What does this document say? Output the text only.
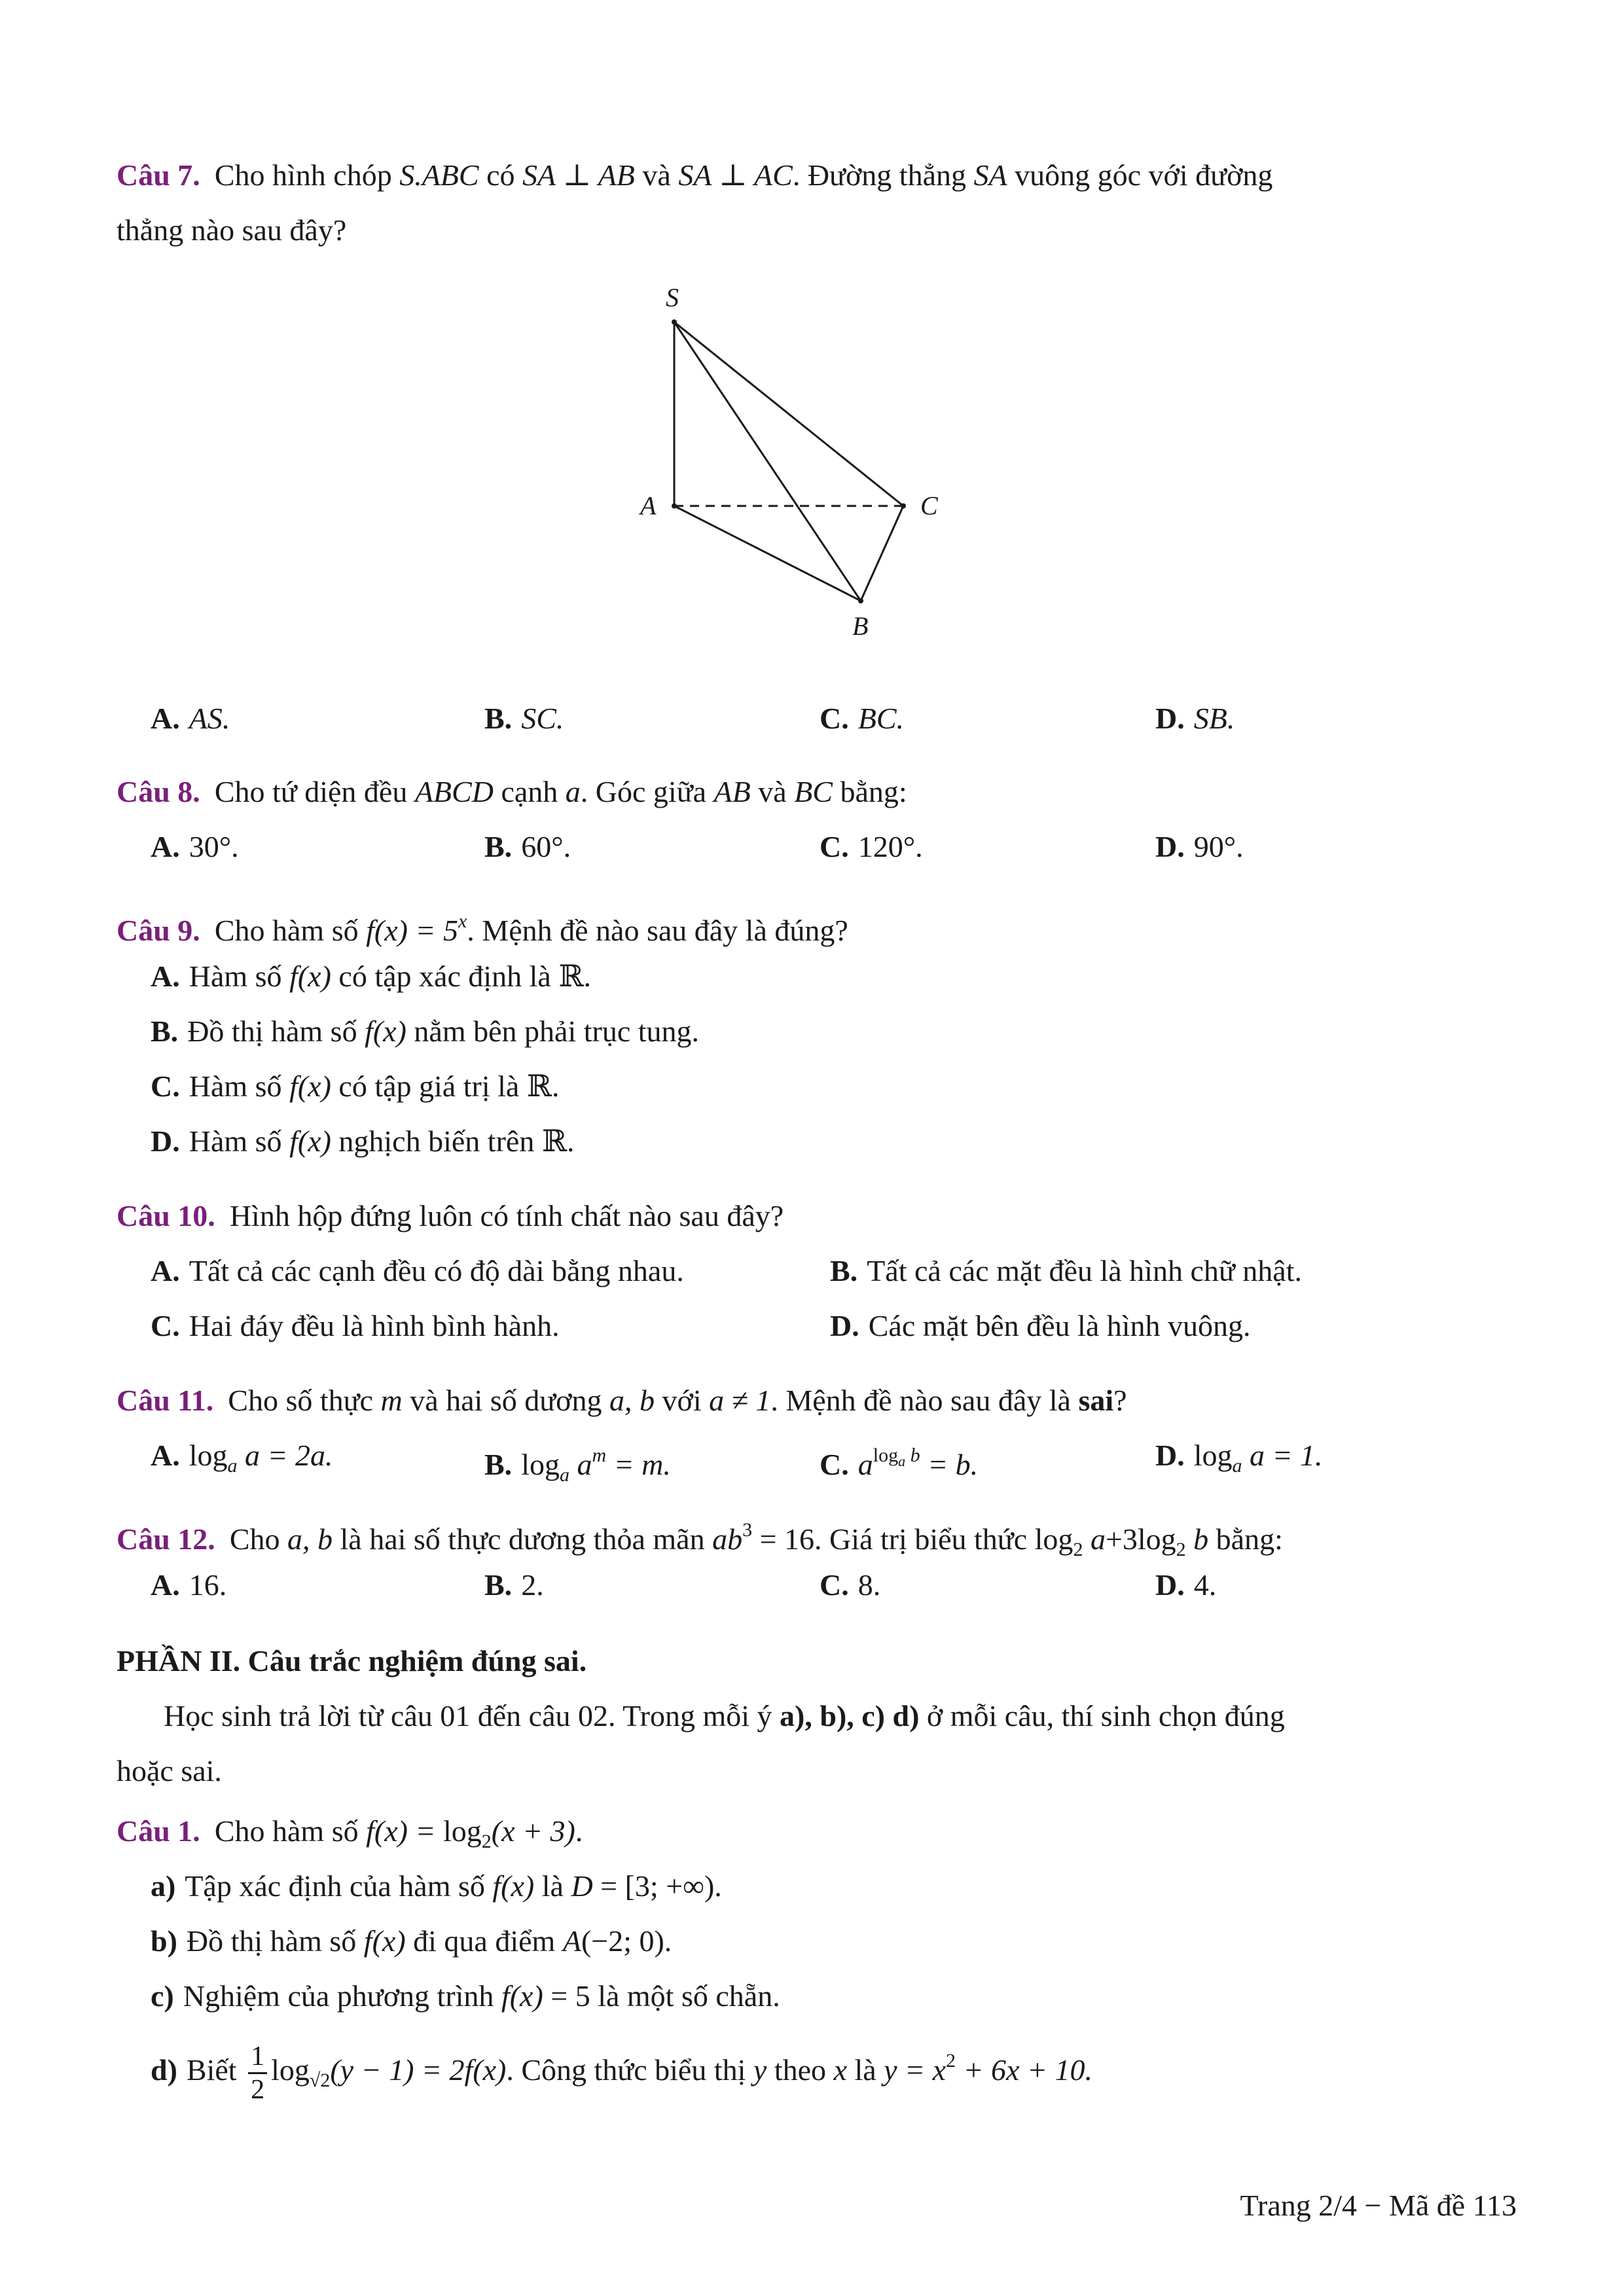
Câu 7. Cho hình chóp S.ABC có SA ⊥ AB và SA ⊥ AC. Đường thẳng SA vuông góc với đường
thẳng nào sau đây?
S
A
B
C
A. AS.	B. SC.	C. BC.	D. SB.
Câu 8. Cho tứ diện đều ABCD cạnh a. Góc giữa AB và BC bằng:
A. 30°.	B. 60°.	C. 120°.	D. 90°.
Câu 9. Cho hàm số $f(x) = 5^x$. Mệnh đề nào sau đây là đúng?
A. Hàm số f(x) có tập xác định là ℝ.
B. Đồ thị hàm số f(x) nằm bên phải trục tung.
C. Hàm số f(x) có tập giá trị là ℝ.
D. Hàm số f(x) nghịch biến trên ℝ.
Câu 10. Hình hộp đứng luôn có tính chất nào sau đây?
A. Tất cả các cạnh đều có độ dài bằng nhau.	B. Tất cả các mặt đều là hình chữ nhật.
C. Hai đáy đều là hình bình hành.	D. Các mặt bên đều là hình vuông.
Câu 11. Cho số thực m và hai số dương a, b với a ≠ 1. Mệnh đề nào sau đây là sai?
A. $\log_a a = 2a$.	B. $\log_a a^m = m$.	C. $a^{log_a b} = b$.	D. $\log_a a = 1$.
Câu 12. Cho a, b là hai số thực dương thỏa mãn $ab^3 = 16$. Giá trị biểu thức $\log_2 a+3\log_2$ b bằng:
A. 16.	B. 2.	C. 8.	D. 4.
PHẦN II. Câu trắc nghiệm đúng sai.
Học sinh trả lời từ câu 01 đến câu 02. Trong mỗi ý a), b), c) d) ở mỗi câu, thí sinh chọn đúng
hoặc sai.
Câu 1. Cho hàm số $f(x) = \log_2(x + 3)$.
a) Tập xác định của hàm số f(x) là D = [3; +∞).
b) Đồ thị hàm số f(x) đi qua điểm A(−2; 0).
c) Nghiệm của phương trình f(x) = 5 là một số chẵn.
d) Biết $\frac{1}{2} \log_{√2}(y - 1) = 2f(x)$. Công thức biểu thị y theo x là $y = x^2 + 6x + 10$.
Trang 2/4 − Mã đề 113
